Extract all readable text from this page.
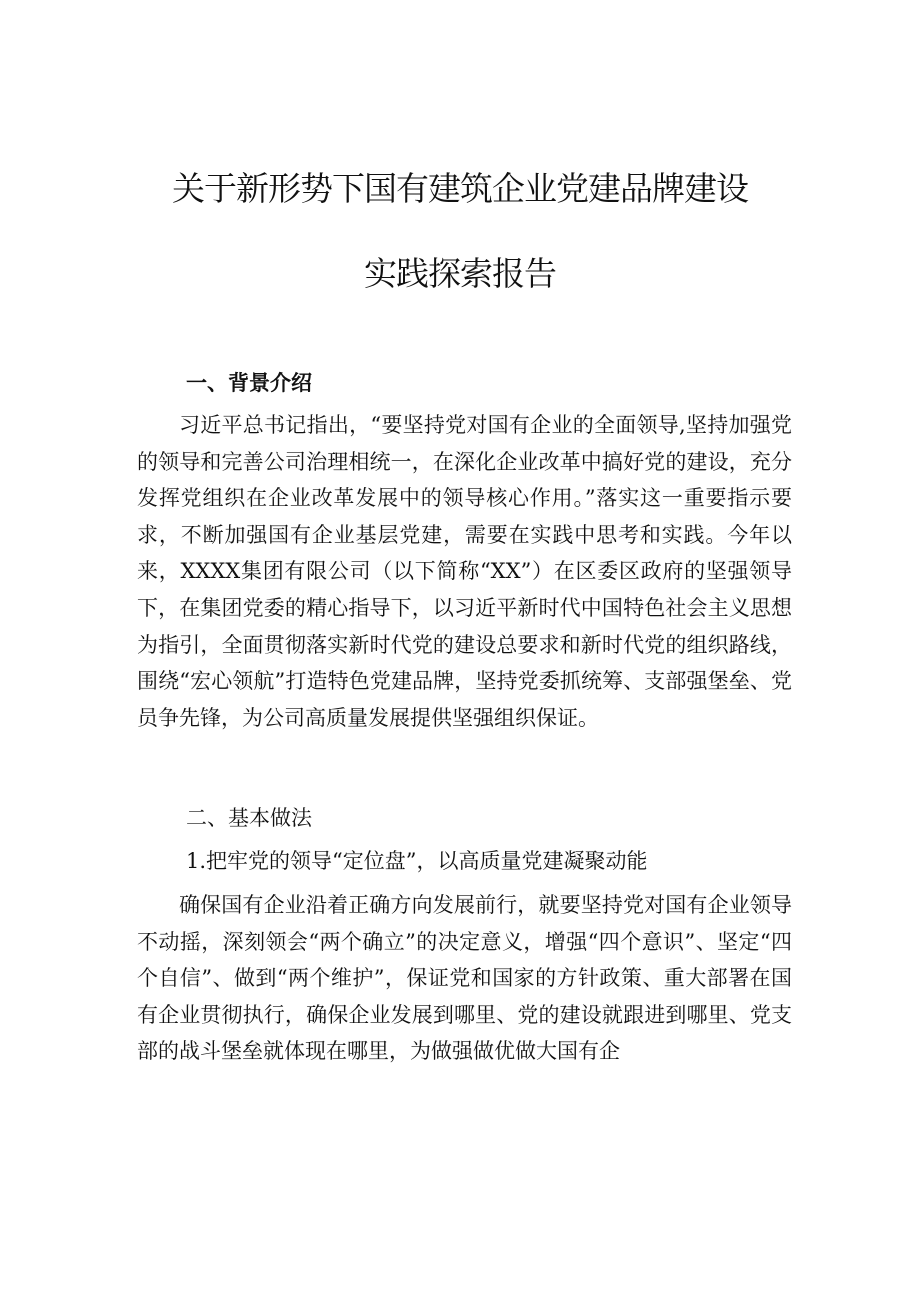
关于新形势下国有建筑企业党建品牌建设
实践探索报告
一、背景介绍

习近平总书记指出，“要坚持党对国有企业的全面领导,坚持加强党的领导和完善公司治理相统一，在深化企业改革中搞好党的建设，充分发挥党组织在企业改革发展中的领导核心作用。”落实这一重要指示要求，不断加强国有企业基层党建，需要在实践中思考和实践。今年以来，XXXX集团有限公司（以下简称“XX”）在区委区政府的坚强领导下，在集团党委的精心指导下，以习近平新时代中国特色社会主义思想为指引，全面贯彻落实新时代党的建设总要求和新时代党的组织路线，围绕“宏心领航”打造特色党建品牌，坚持党委抓统筹、支部强堡垒、党员争先锋，为公司高质量发展提供坚强组织保证。

二、基本做法
1.把牢党的领导“定位盘”，以高质量党建凝聚动能

确保国有企业沿着正确方向发展前行，就要坚持党对国有企业领导不动摇，深刻领会“两个确立”的决定意义，增强“四个意识”、坚定“四个自信”、做到“两个维护”，保证党和国家的方针政策、重大部署在国有企业贯彻执行，确保企业发展到哪里、党的建设就跟进到哪里、党支部的战斗堡垒就体现在哪里，为做强做优做大国有企
